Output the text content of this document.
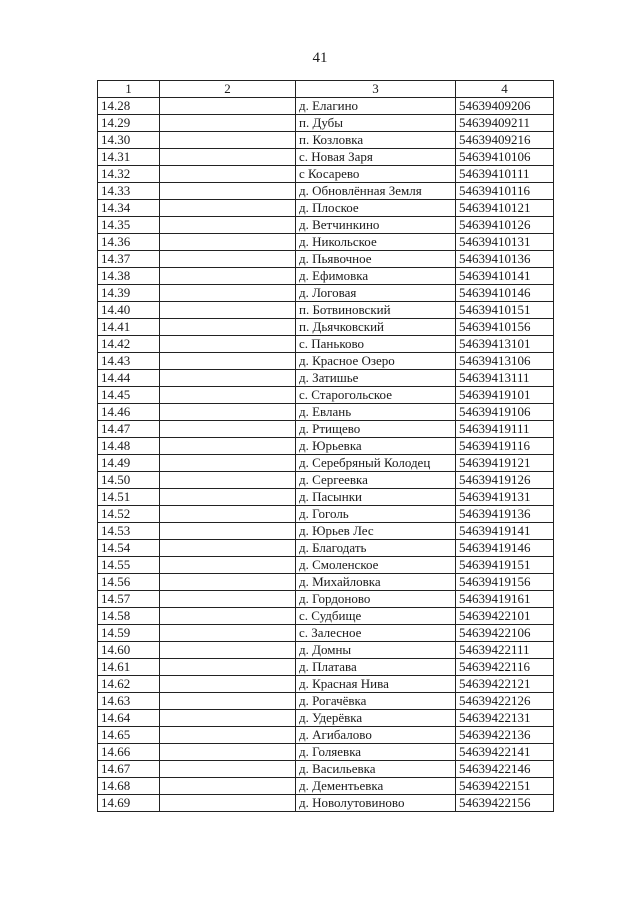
41
1	2	3	4
14.28		д. Елагино	54639409206
14.29		п. Дубы	54639409211
14.30		п. Козловка	54639409216
14.31		с. Новая Заря	54639410106
14.32		с Косарево	54639410111
14.33		д. Обновлённая Земля	54639410116
14.34		д. Плоское	54639410121
14.35		д. Ветчинкино	54639410126
14.36		д. Никольское	54639410131
14.37		д. Пьявочное	54639410136
14.38		д. Ефимовка	54639410141
14.39		д. Логовая	54639410146
14.40		п. Ботвиновский	54639410151
14.41		п. Дьячковский	54639410156
14.42		с. Паньково	54639413101
14.43		д. Красное Озеро	54639413106
14.44		д. Затишье	54639413111
14.45		с. Старогольское	54639419101
14.46		д. Евлань	54639419106
14.47		д. Ртищево	54639419111
14.48		д. Юрьевка	54639419116
14.49		д. Серебряный Колодец	54639419121
14.50		д. Сергеевка	54639419126
14.51		д. Пасынки	54639419131
14.52		д. Гоголь	54639419136
14.53		д. Юрьев Лес	54639419141
14.54		д. Благодать	54639419146
14.55		д. Смоленское	54639419151
14.56		д. Михайловка	54639419156
14.57		д. Гордоново	54639419161
14.58		с. Судбище	54639422101
14.59		с. Залесное	54639422106
14.60		д. Домны	54639422111
14.61		д. Платава	54639422116
14.62		д. Красная Нива	54639422121
14.63		д. Рогачёвка	54639422126
14.64		д. Удерёвка	54639422131
14.65		д. Агибалово	54639422136
14.66		д. Голяевка	54639422141
14.67		д. Васильевка	54639422146
14.68		д. Дементьевка	54639422151
14.69		д. Новолутовиново	54639422156
